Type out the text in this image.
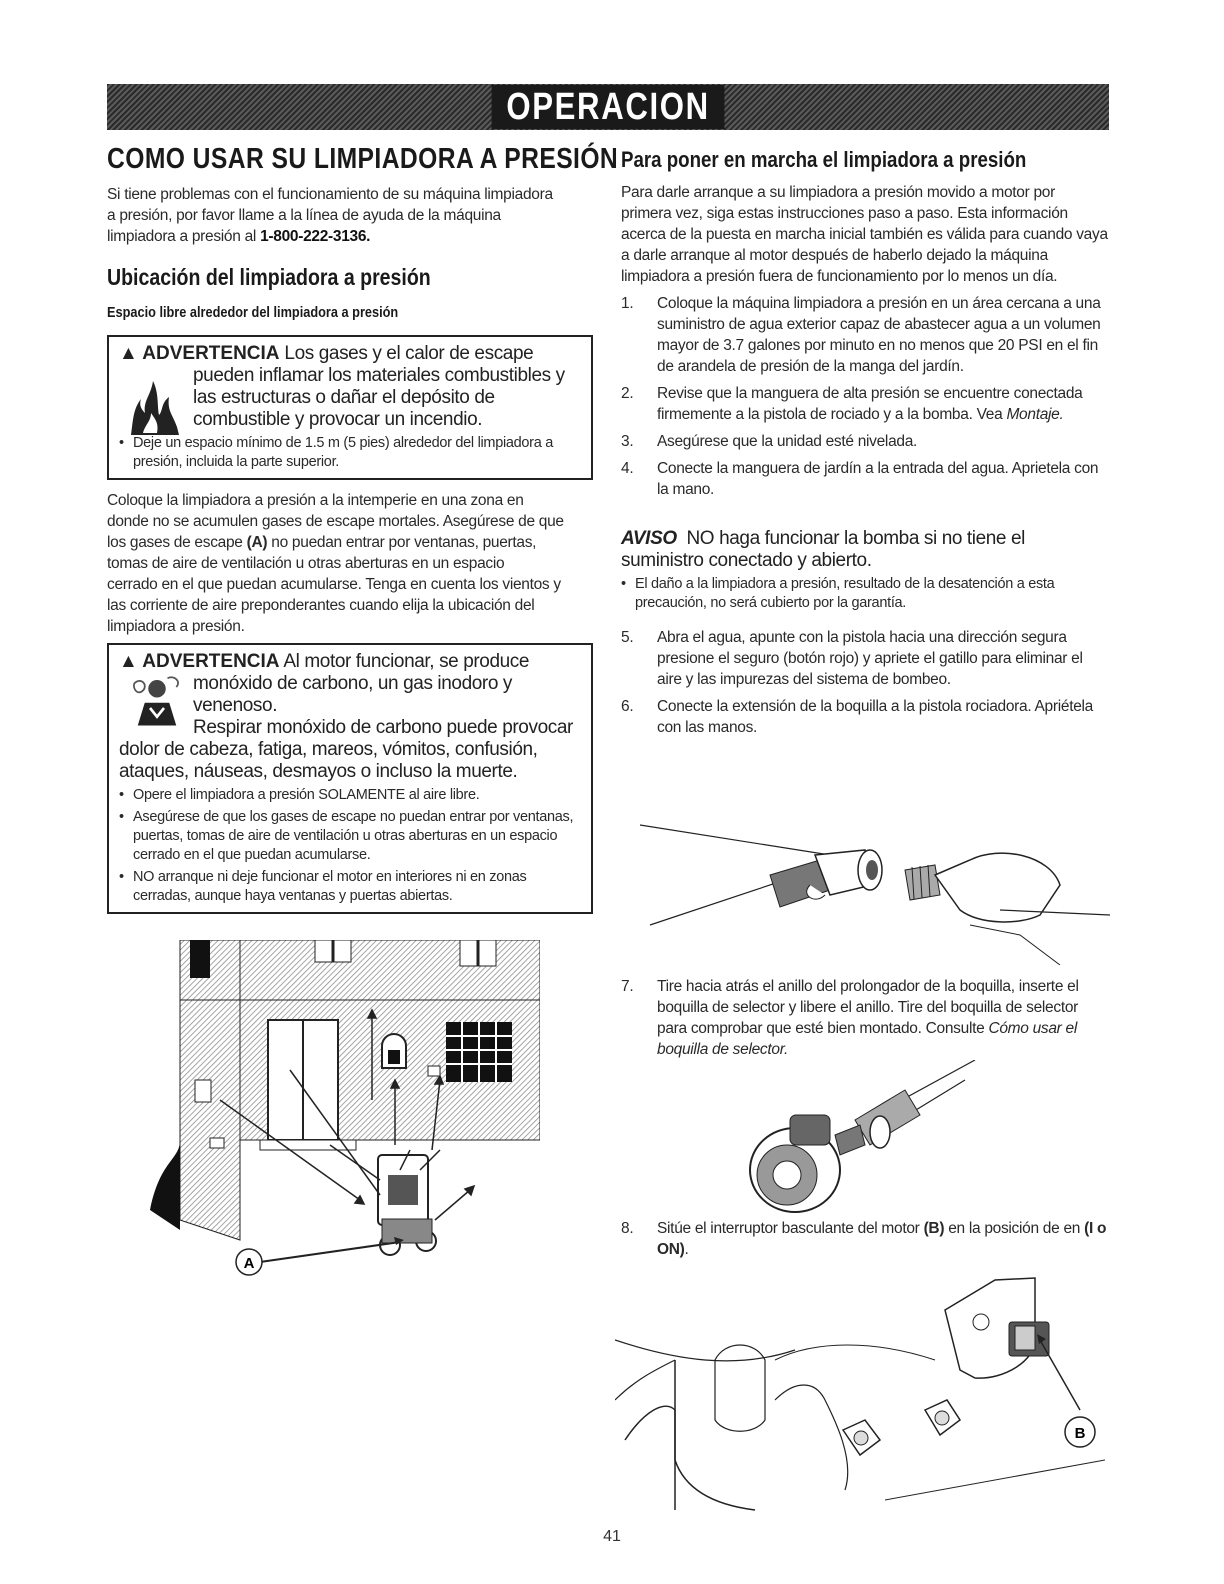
OPERACION
COMO USAR SU LIMPIADORA A PRESIÓN
Si tiene problemas con el funcionamiento de su máquina limpiadora
a presión, por favor llame a la línea de ayuda de la máquina
limpiadora a presión al 1-800-222-3136.
Ubicación del limpiadora a presión
Espacio libre alrededor del limpiadora a presión
▲ ADVERTENCIA Los gases y el calor de escape
pueden inflamar los materiales combustibles y
las estructuras o dañar el depósito de
combustible y provocar un incendio.
• Deje un espacio mínimo de 1.5 m (5 pies) alrededor del limpiadora a presión, incluida la parte superior.
Coloque la limpiadora a presión a la intemperie en una zona en
donde no se acumulen gases de escape mortales. Asegúrese de que
los gases de escape (A) no puedan entrar por ventanas, puertas,
tomas de aire de ventilación u otras aberturas en un espacio
cerrado en el que puedan acumularse. Tenga en cuenta los vientos y
las corriente de aire preponderantes cuando elija la ubicación del
limpiadora a presión.
▲ ADVERTENCIA Al motor funcionar, se produce
monóxido de carbono, un gas inodoro y
venenoso.
Respirar monóxido de carbono puede provocar
dolor de cabeza, fatiga, mareos, vómitos, confusión,
ataques, náuseas, desmayos o incluso la muerte.
• Opere el limpiadora a presión SOLAMENTE al aire libre.
• Asegúrese de que los gases de escape no puedan entrar por ventanas, puertas, tomas de aire de ventilación u otras aberturas en un espacio cerrado en el que puedan acumularse.
• NO arranque ni deje funcionar el motor en interiores ni en zonas cerradas, aunque haya ventanas y puertas abiertas.
A
Para poner en marcha el limpiadora a presión
Para darle arranque a su limpiadora a presión movido a motor por primera vez, siga estas instrucciones paso a paso. Esta información acerca de la puesta en marcha inicial también es válida para cuando vaya a darle arranque al motor después de haberlo dejado la máquina limpiadora a presión fuera de funcionamiento por lo menos un día.
1. Coloque la máquina limpiadora a presión en un área cercana a una suministro de agua exterior capaz de abastecer agua a un volumen mayor de 3.7 galones por minuto en no menos que 20 PSI en el fin de arandela de presión de la manga del jardín.
2. Revise que la manguera de alta presión se encuentre conectada firmemente a la pistola de rociado y a la bomba. Vea Montaje.
3. Asegúrese que la unidad esté nivelada.
4. Conecte la manguera de jardín a la entrada del agua. Aprietela con la mano.
AVISO NO haga funcionar la bomba si no tiene el
suministro conectado y abierto.
• El daño a la limpiadora a presión, resultado de la desatención a esta precaución, no será cubierto por la garantía.
5. Abra el agua, apunte con la pistola hacia una dirección segura presione el seguro (botón rojo) y apriete el gatillo para eliminar el aire y las impurezas del sistema de bombeo.
6. Conecte la extensión de la boquilla a la pistola rociadora. Apriétela con las manos.
7. Tire hacia atrás el anillo del prolongador de la boquilla, inserte el boquilla de selector y libere el anillo. Tire del boquilla de selector para comprobar que esté bien montado. Consulte Cómo usar el boquilla de selector.
8. Sitúe el interruptor basculante del motor (B) en la posición de en (I o ON).
B
41
